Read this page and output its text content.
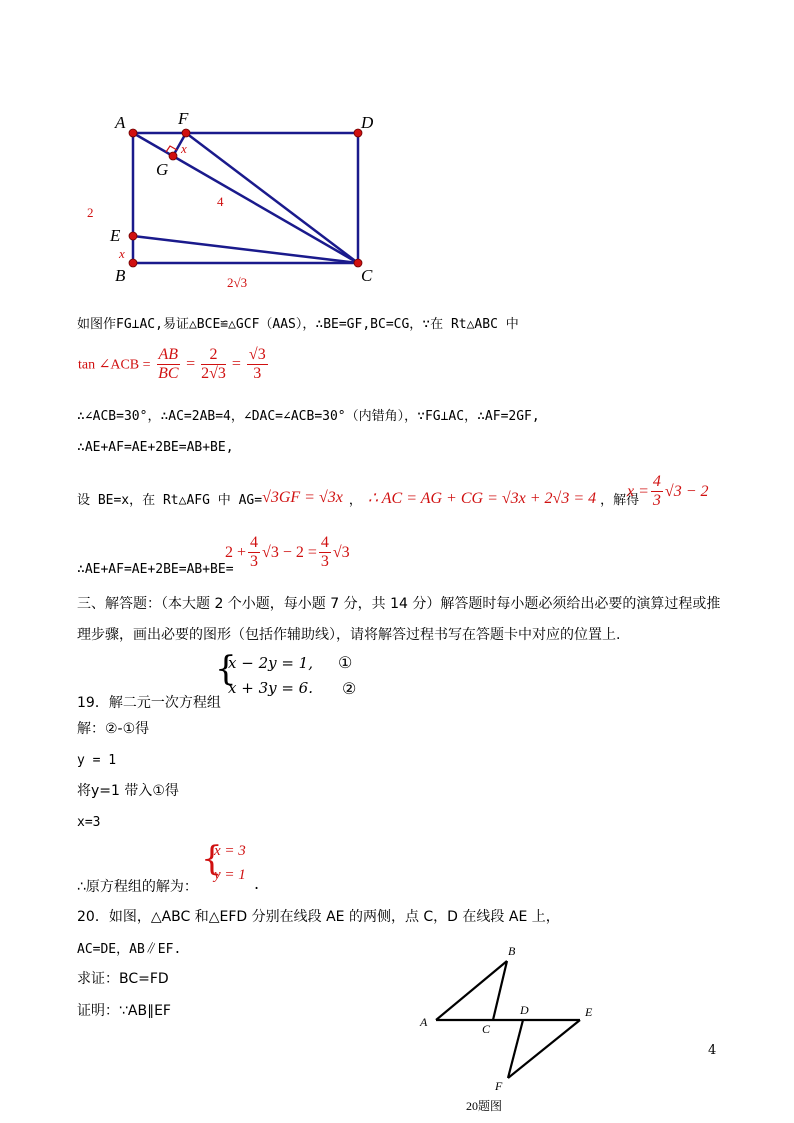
A	F	D
G
E
B	C
x
4
2
x
2√3
如图作FG⊥AC,易证△BCE≌△GCF（AAS），∴BE=GF,BC=CG，∵在 Rt△ABC 中
tan ∠ACB = $\frac{AB}{BC} = \frac{2}{2√3} = \frac{√3}{3}$
∴∠ACB=30°，∴AC=2AB=4，∠DAC=∠ACB=30°（内错角），∵FG⊥AC，∴AF=2GF,
∴AE+AF=AE+2BE=AB+BE,
设 BE=x，在 Rt△AFG 中 AG= √3GF = √3x ， ∴ AC = AG + CG = √3x + 2√3 = 4 ，解得
$x = \frac{4}{3} √3 - 2$
∴AE+AF=AE+2BE=AB+BE=
$2 + \frac{4}{3} √3 - 2 = \frac{4}{3} √3$
三、解答题：（本大题 2 个小题，每小题 7 分，共 14 分）解答题时每小题必须给出必要的演算过程或推
理步骤，画出必要的图形（包括作辅助线），请将解答过程书写在答题卡中对应的位置上.
19．解二元一次方程组
{
x − 2y = 1,
x + 3y = 6.
①
②
解：②-①得
y = 1
将y=1 带入①得
x=3
∴原方程组的解为：
{
x = 3
y = 1 .
20．如图，△ABC 和△EFD 分别在线段 AE 的两侧，点 C，D 在线段 AE 上，
AC=DE，AB∥EF.
求证：BC=FD
证明：∵AB∥EF
A
B
C
D	E
F
20题图
4
